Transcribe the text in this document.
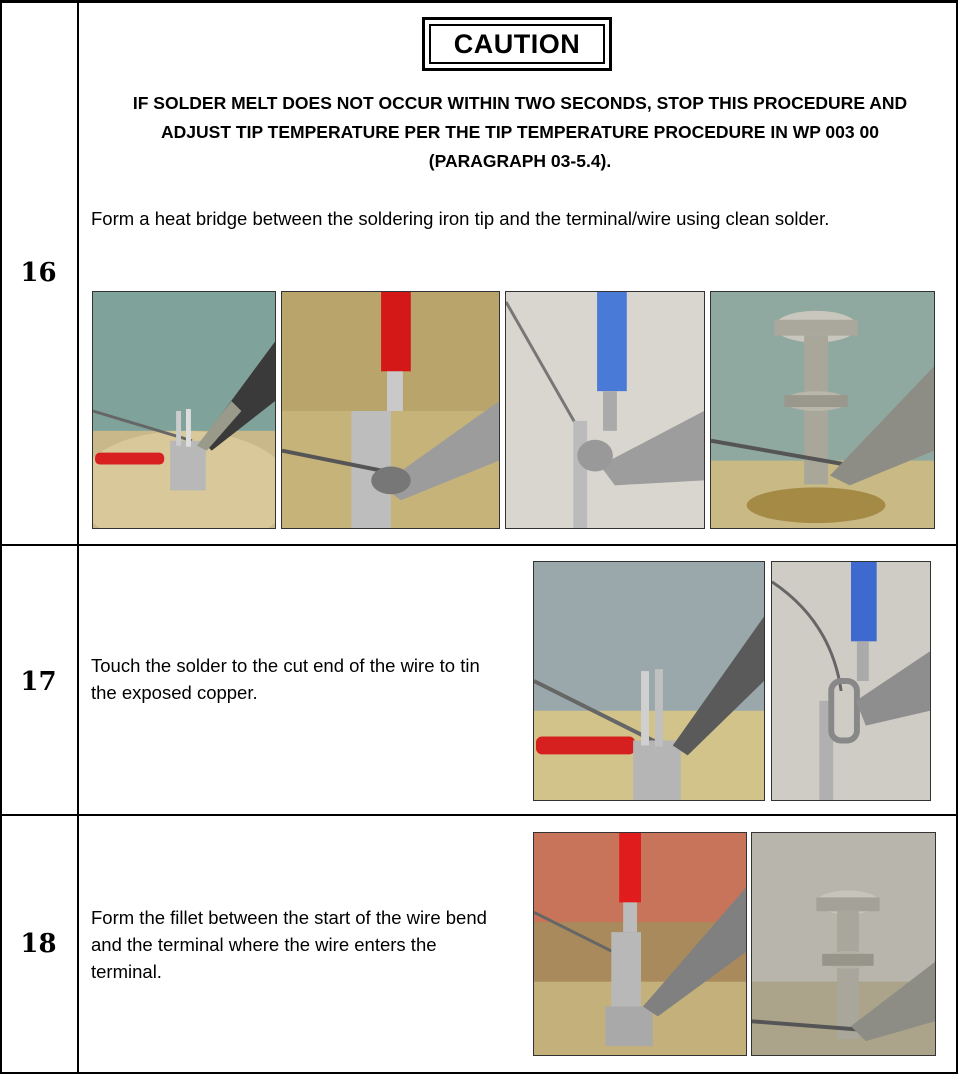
16
CAUTION
IF SOLDER MELT DOES NOT OCCUR WITHIN TWO SECONDS, STOP THIS PROCEDURE AND ADJUST TIP TEMPERATURE PER THE TIP TEMPERATURE PROCEDURE IN WP 003 00 (PARAGRAPH 03-5.4).
Form a heat bridge between the soldering iron tip and the terminal/wire using clean solder.
17
Touch the solder to the cut end of the wire to tin the exposed copper.
18
Form the fillet between the start of the wire bend and the terminal where the wire enters the terminal.
